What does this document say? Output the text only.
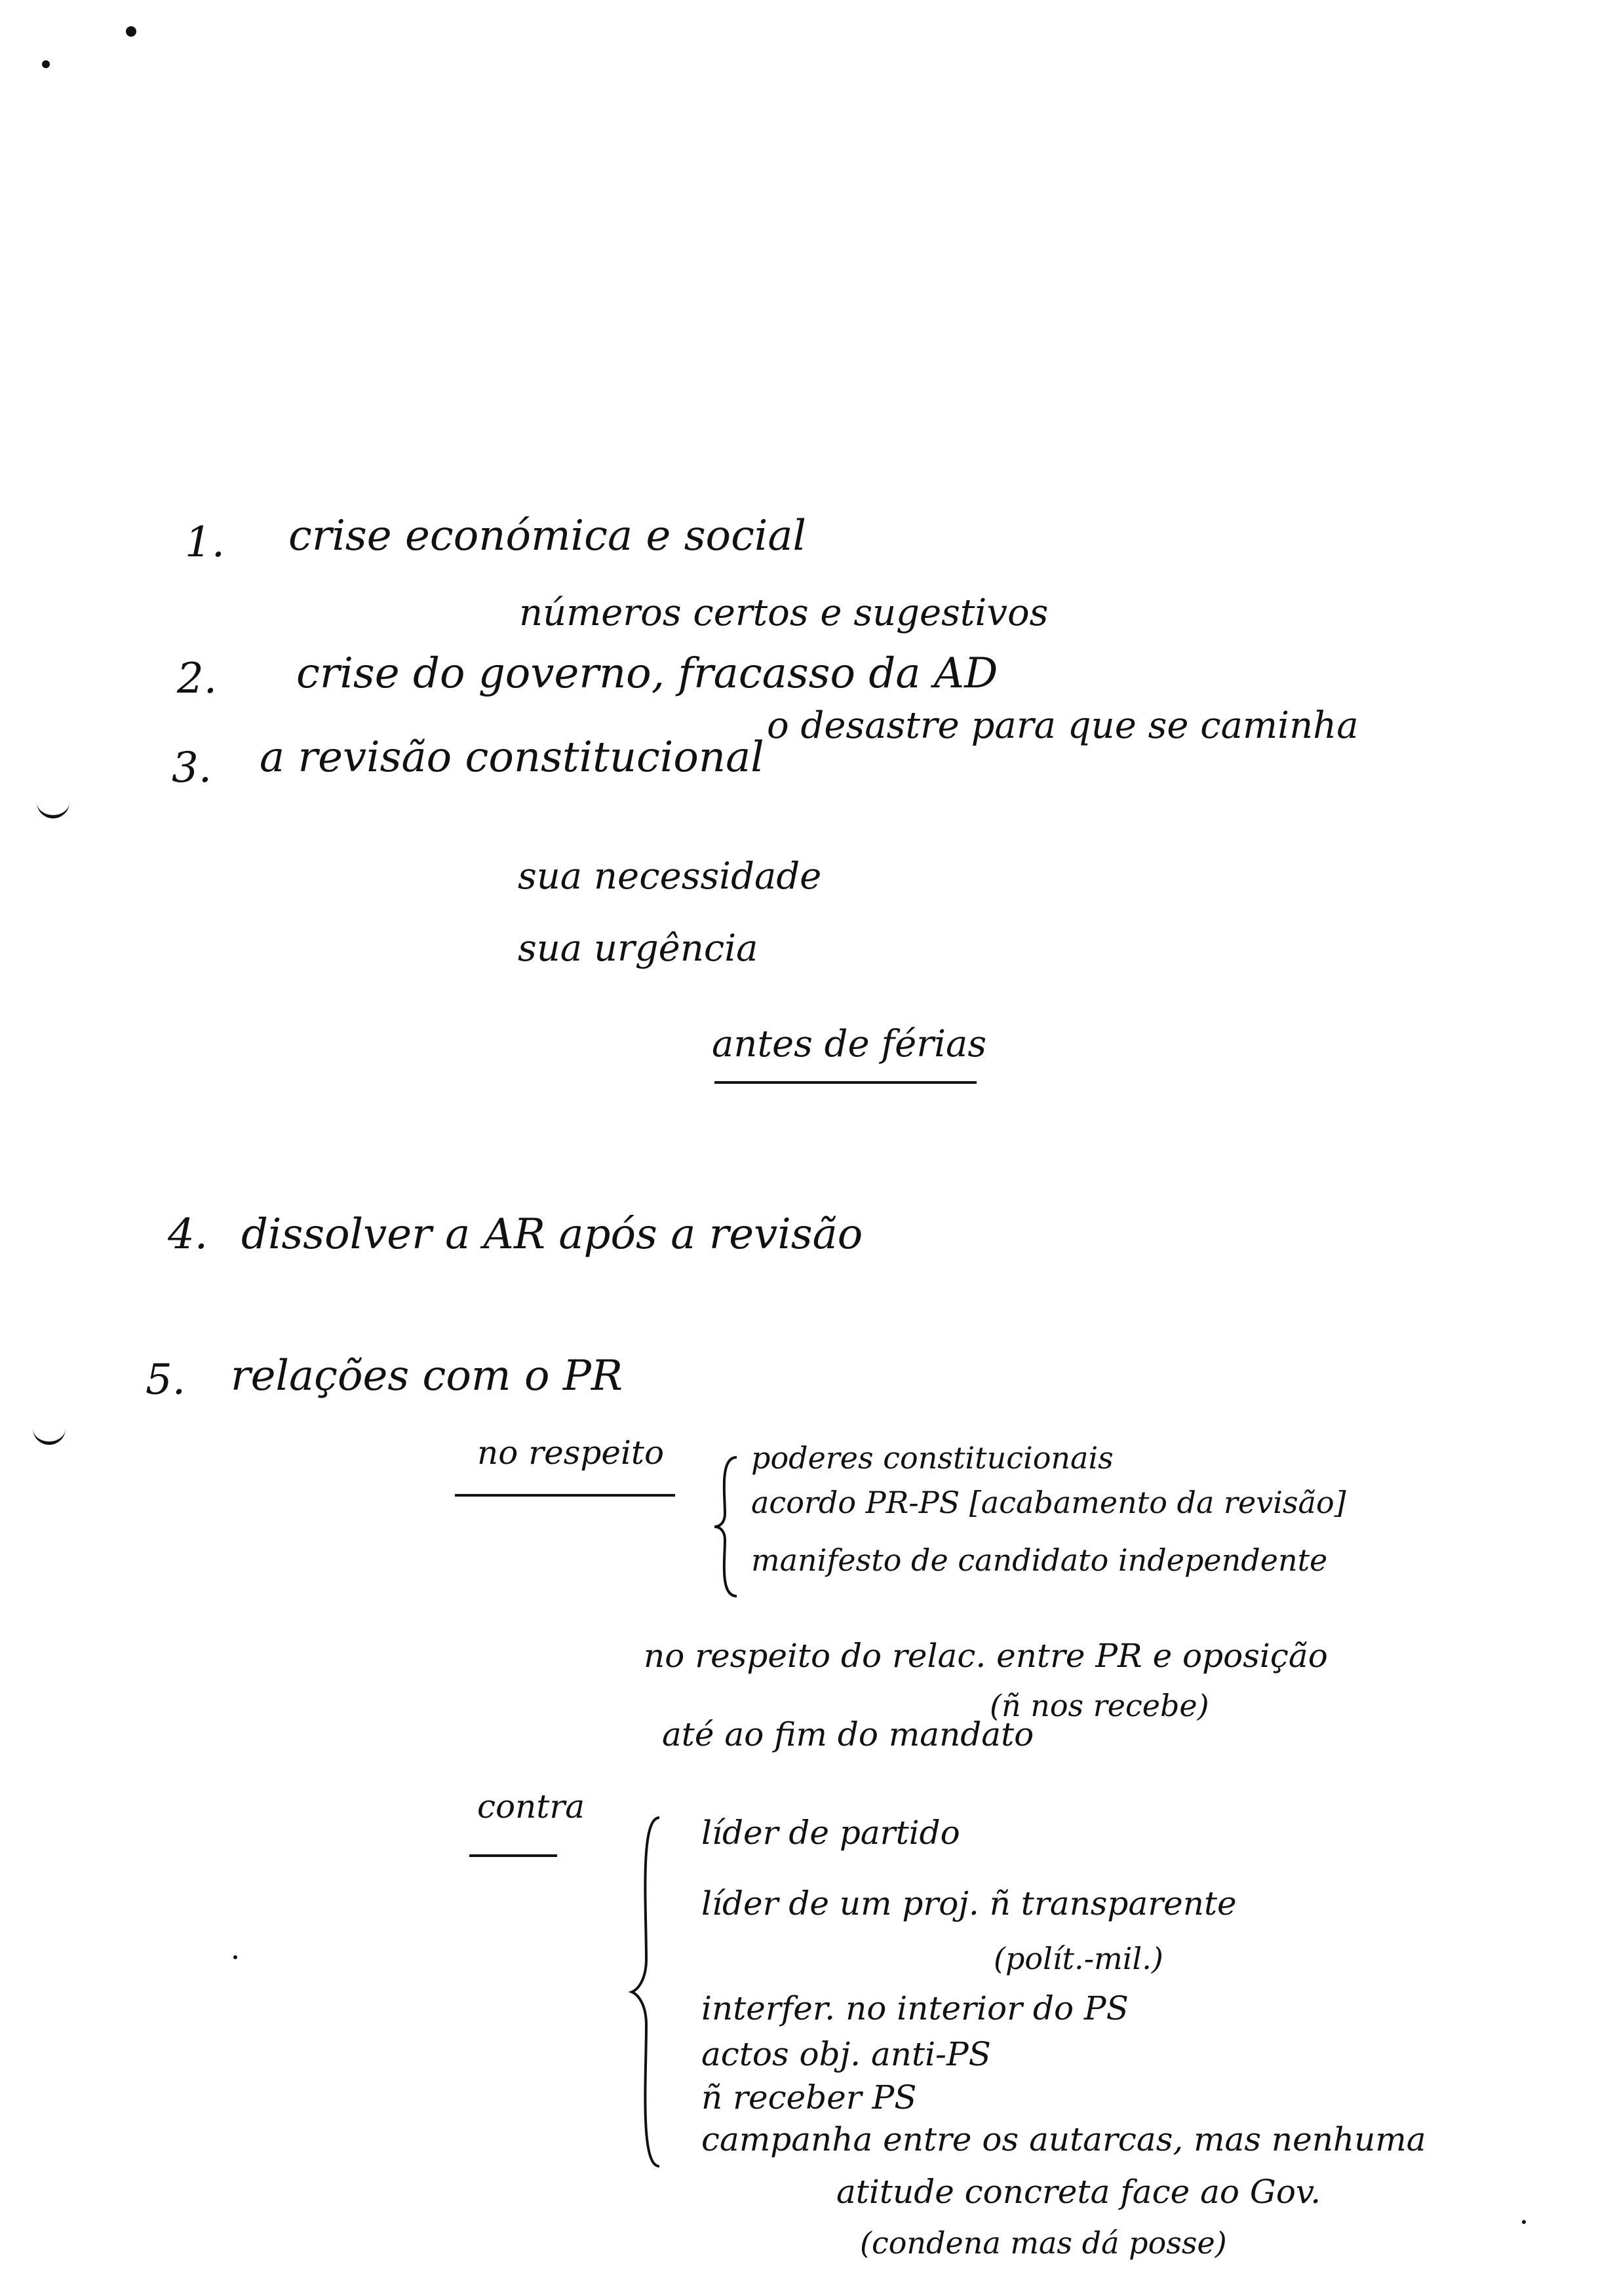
1. crise económica e social
números certos e sugestivos
2. crise do governo, fracasso da AD
o desastre para que se caminha
3. a revisão constitucional
sua necessidade
sua urgência
antes de férias
4. dissolver a AR após a revisão
5. relações com o PR
no respeito	poderes constitucionais
acordo PR-PS [acabamento da revisão]
manifesto de candidato independente
no respeito do relac. entre PR e oposição
(ñ nos recebe)
até ao fim do mandato
contra
líder de partido
líder de um proj. ñ transparente
(polít.-mil.)
interfer. no interior do PS
actos obj. anti-PS
ñ receber PS
campanha entre os autarcas, mas nenhuma
atitude concreta face ao Gov.
(condena mas dá posse)
